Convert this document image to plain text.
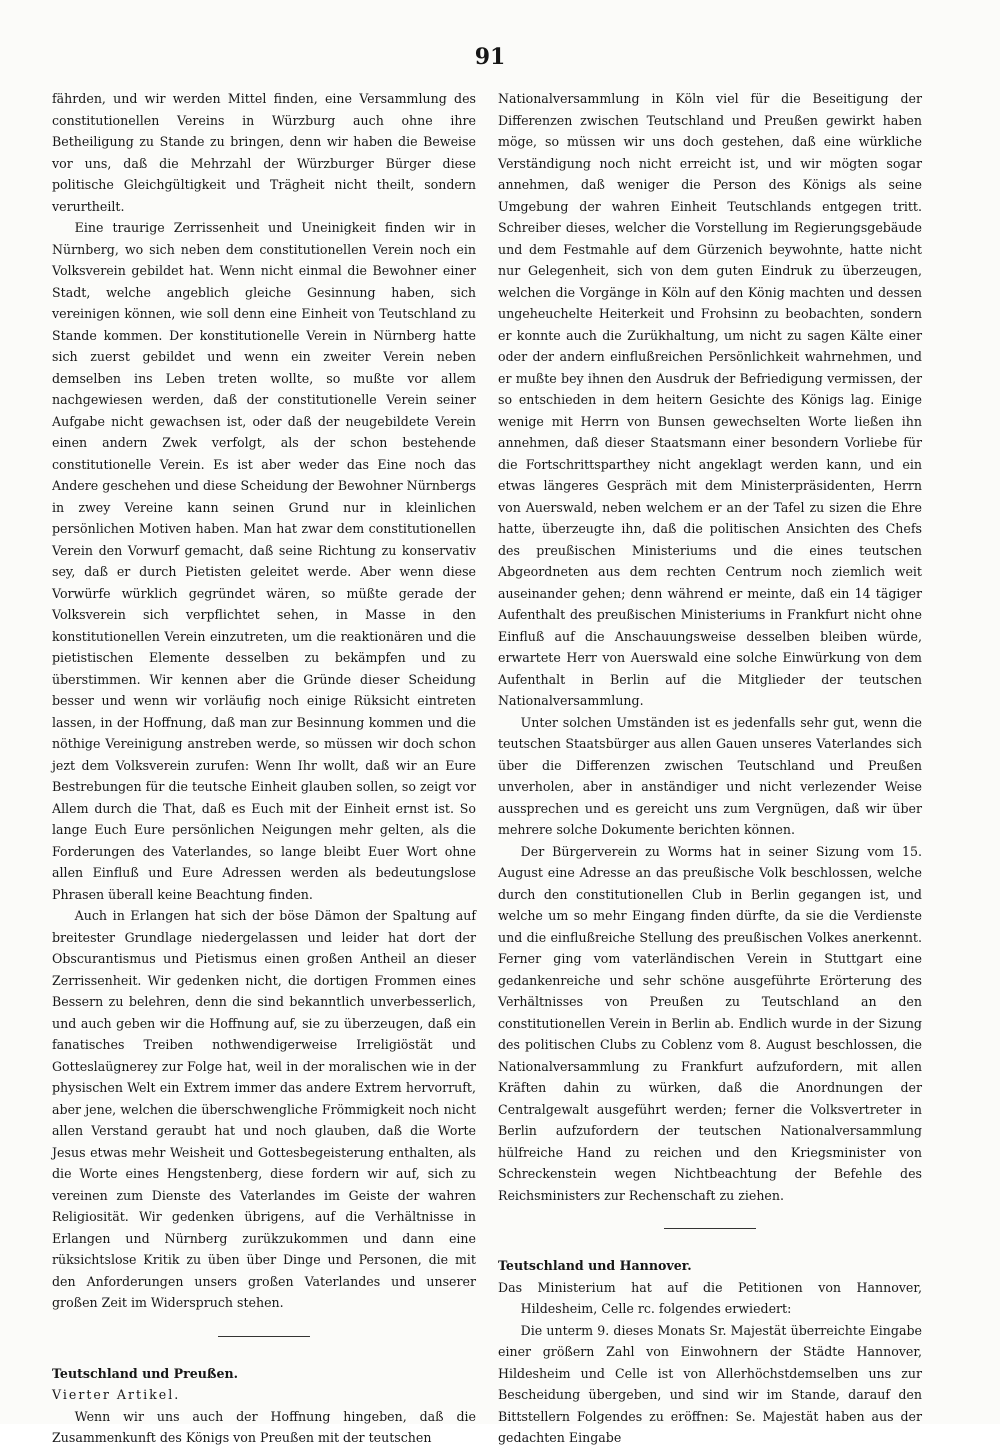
91

fährden, und wir werden Mittel finden, eine Versammlung des constitutionellen Vereins in Würzburg auch ohne ihre Betheiligung zu Stande zu bringen, denn wir haben die Beweise vor uns, daß die Mehrzahl der Würzburger Bürger diese politische Gleichgültigkeit und Trägheit nicht theilt, sondern verurtheilt.

Eine traurige Zerrissenheit und Uneinigkeit finden wir in Nürnberg, wo sich neben dem constitutionellen Verein noch ein Volksverein gebildet hat. Wenn nicht einmal die Bewohner einer Stadt, welche angeblich gleiche Gesinnung haben, sich vereinigen können, wie soll denn eine Einheit von Teutschland zu Stande kommen. Der konstitutionelle Verein in Nürnberg hatte sich zuerst gebildet und wenn ein zweiter Verein neben demselben ins Leben treten wollte, so mußte vor allem nachgewiesen werden, daß der constitutionelle Verein seiner Aufgabe nicht gewachsen ist, oder daß der neugebildete Verein einen andern Zwek verfolgt, als der schon bestehende constitutionelle Verein. Es ist aber weder das Eine noch das Andere geschehen und diese Scheidung der Bewohner Nürnbergs in zwey Vereine kann seinen Grund nur in kleinlichen persönlichen Motiven haben. Man hat zwar dem constitutionellen Verein den Vorwurf gemacht, daß seine Richtung zu konservativ sey, daß er durch Pietisten geleitet werde. Aber wenn diese Vorwürfe würklich gegründet wären, so müßte gerade der Volksverein sich verpflichtet sehen, in Masse in den konstitutionellen Verein einzutreten, um die reaktionären und die pietistischen Elemente desselben zu bekämpfen und zu überstimmen. Wir kennen aber die Gründe dieser Scheidung besser und wenn wir vorläufig noch einige Rüksicht eintreten lassen, in der Hoffnung, daß man zur Besinnung kommen und die nöthige Vereinigung anstreben werde, so müssen wir doch schon jezt dem Volksverein zurufen: Wenn Ihr wollt, daß wir an Eure Bestrebungen für die teutsche Einheit glauben sollen, so zeigt vor Allem durch die That, daß es Euch mit der Einheit ernst ist. So lange Euch Eure persönlichen Neigungen mehr gelten, als die Forderungen des Vaterlandes, so lange bleibt Euer Wort ohne allen Einfluß und Eure Adressen werden als bedeutungslose Phrasen überall keine Beachtung finden.

Auch in Erlangen hat sich der böse Dämon der Spaltung auf breitester Grundlage niedergelassen und leider hat dort der Obscurantismus und Pietismus einen großen Antheil an dieser Zerrissenheit. Wir gedenken nicht, die dortigen Frommen eines Bessern zu belehren, denn die sind bekanntlich unverbesserlich, und auch geben wir die Hoffnung auf, sie zu überzeugen, daß ein fanatisches Treiben nothwendigerweise Irreligiöstät und Gotteslaügnerey zur Folge hat, weil in der moralischen wie in der physischen Welt ein Extrem immer das andere Extrem hervorruft, aber jene, welchen die überschwengliche Frömmigkeit noch nicht allen Verstand geraubt hat und noch glauben, daß die Worte Jesus etwas mehr Weisheit und Gottesbegeisterung enthalten, als die Worte eines Hengstenberg, diese fordern wir auf, sich zu vereinen zum Dienste des Vaterlandes im Geiste der wahren Religiosität. Wir gedenken übrigens, auf die Verhältnisse in Erlangen und Nürnberg zurükzukommen und dann eine rüksichtslose Kritik zu üben über Dinge und Personen, die mit den Anforderungen unsers großen Vaterlandes und unserer großen Zeit im Widerspruch stehen.

Teutschland und Preußen.

Vierter Artikel.

Wenn wir uns auch der Hoffnung hingeben, daß die Zusammenkunft des Königs von Preußen mit der teutschen

Nationalversammlung in Köln viel für die Beseitigung der Differenzen zwischen Teutschland und Preußen gewirkt haben möge, so müssen wir uns doch gestehen, daß eine würkliche Verständigung noch nicht erreicht ist, und wir mögten sogar annehmen, daß weniger die Person des Königs als seine Umgebung der wahren Einheit Teutschlands entgegen tritt. Schreiber dieses, welcher die Vorstellung im Regierungsgebäude und dem Festmahle auf dem Gürzenich beywohnte, hatte nicht nur Gelegenheit, sich von dem guten Eindruk zu überzeugen, welchen die Vorgänge in Köln auf den König machten und dessen ungeheuchelte Heiterkeit und Frohsinn zu beobachten, sondern er konnte auch die Zurükhaltung, um nicht zu sagen Kälte einer oder der andern einflußreichen Persönlichkeit wahrnehmen, und er mußte bey ihnen den Ausdruk der Befriedigung vermissen, der so entschieden in dem heitern Gesichte des Königs lag. Einige wenige mit Herrn von Bunsen gewechselten Worte ließen ihn annehmen, daß dieser Staatsmann einer besondern Vorliebe für die Fortschrittsparthey nicht angeklagt werden kann, und ein etwas längeres Gespräch mit dem Ministerpräsidenten, Herrn von Auerswald, neben welchem er an der Tafel zu sizen die Ehre hatte, überzeugte ihn, daß die politischen Ansichten des Chefs des preußischen Ministeriums und die eines teutschen Abgeordneten aus dem rechten Centrum noch ziemlich weit auseinander gehen; denn während er meinte, daß ein 14 tägiger Aufenthalt des preußischen Ministeriums in Frankfurt nicht ohne Einfluß auf die Anschauungsweise desselben bleiben würde, erwartete Herr von Auerswald eine solche Einwürkung von dem Aufenthalt in Berlin auf die Mitglieder der teutschen Nationalversammlung.

Unter solchen Umständen ist es jedenfalls sehr gut, wenn die teutschen Staatsbürger aus allen Gauen unseres Vaterlandes sich über die Differenzen zwischen Teutschland und Preußen unverholen, aber in anständiger und nicht verlezender Weise aussprechen und es gereicht uns zum Vergnügen, daß wir über mehrere solche Dokumente berichten können.

Der Bürgerverein zu Worms hat in seiner Sizung vom 15. August eine Adresse an das preußische Volk beschlossen, welche durch den constitutionellen Club in Berlin gegangen ist, und welche um so mehr Eingang finden dürfte, da sie die Verdienste und die einflußreiche Stellung des preußischen Volkes anerkennt. Ferner ging vom vaterländischen Verein in Stuttgart eine gedankenreiche und sehr schöne ausgeführte Erörterung des Verhältnisses von Preußen zu Teutschland an den constitutionellen Verein in Berlin ab. Endlich wurde in der Sizung des politischen Clubs zu Coblenz vom 8. August beschlossen, die Nationalversammlung zu Frankfurt aufzufordern, mit allen Kräften dahin zu würken, daß die Anordnungen der Centralgewalt ausgeführt werden; ferner die Volksvertreter in Berlin aufzufordern der teutschen Nationalversammlung hülfreiche Hand zu reichen und den Kriegsminister von Schreckenstein wegen Nichtbeachtung der Befehle des Reichsministers zur Rechenschaft zu ziehen.

Teutschland und Hannover.

Das Ministerium hat auf die Petitionen von Hannover, Hildesheim, Celle rc. folgendes erwiedert:

Die unterm 9. dieses Monats Sr. Majestät überreichte Eingabe einer größern Zahl von Einwohnern der Städte Hannover, Hildesheim und Celle ist von Allerhöchstdemselben uns zur Bescheidung übergeben, und sind wir im Stande, darauf den Bittstellern Folgendes zu eröffnen: Se. Majestät haben aus der gedachten Eingabe
